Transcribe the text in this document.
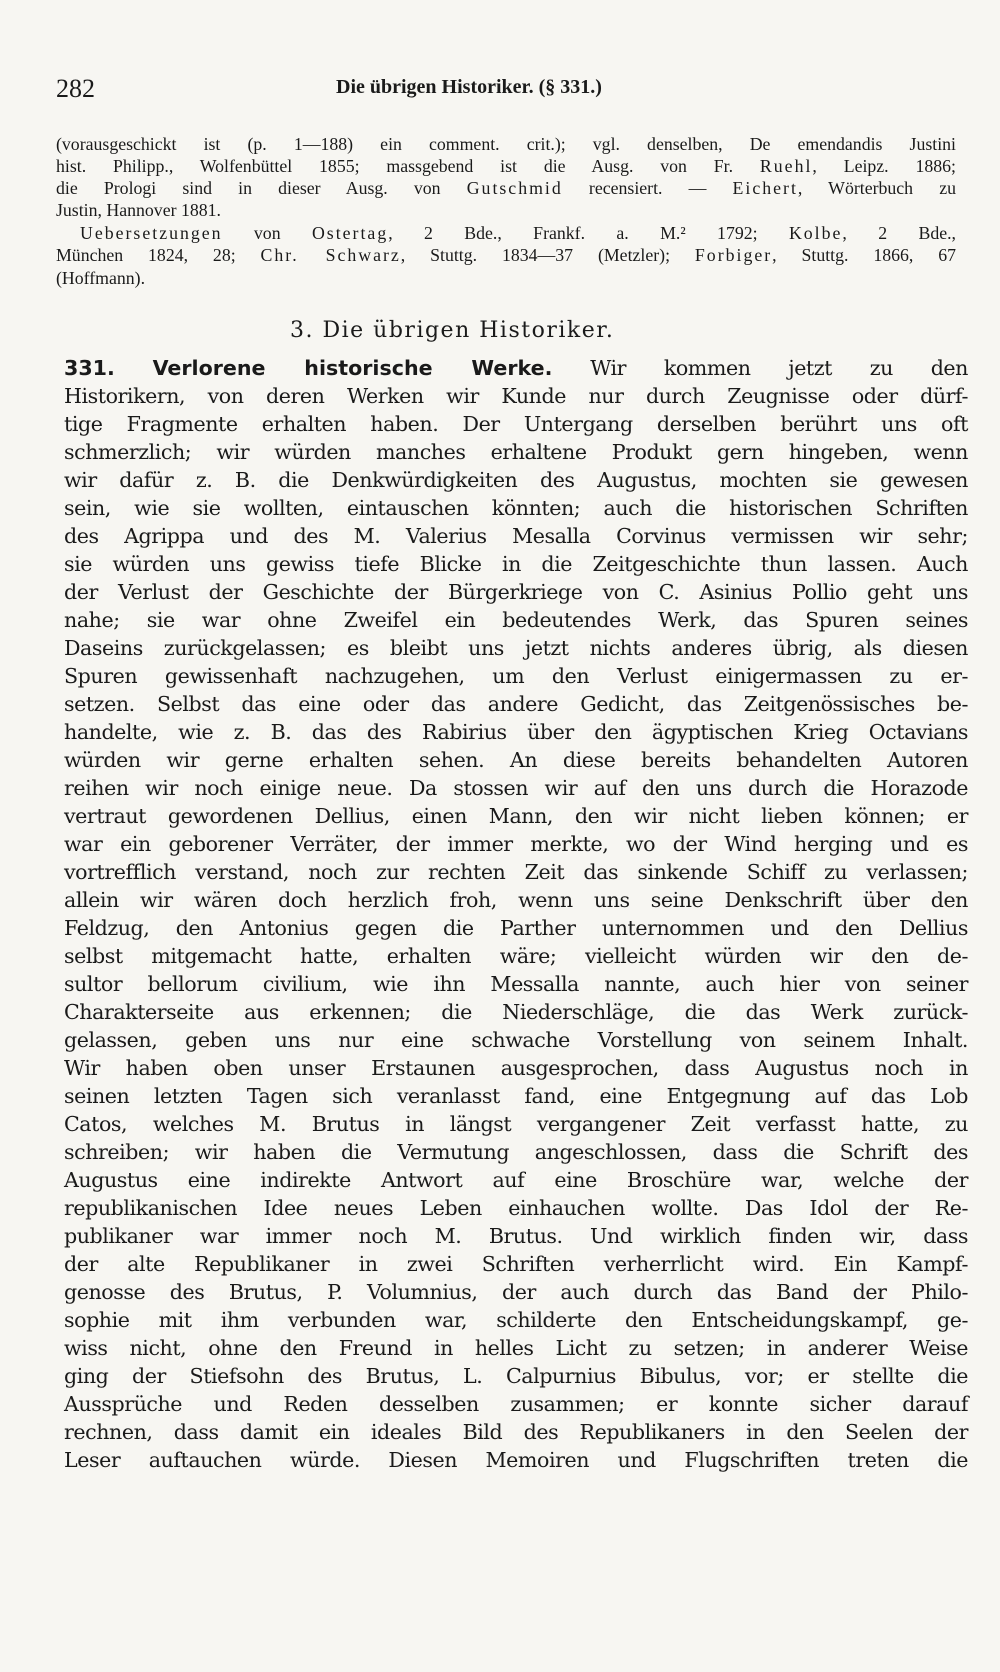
282	Die übrigen Historiker. (§ 331.)
(vorausgeschickt ist (p. 1—188) ein comment. crit.); vgl. denselben, De emendandis Justini
hist. Philipp., Wolfenbüttel 1855; massgebend ist die Ausg. von Fr. Ruehl, Leipz. 1886;
die Prologi sind in dieser Ausg. von Gutschmid recensiert. — Eichert, Wörterbuch zu
Justin, Hannover 1881.
Uebersetzungen von Ostertag, 2 Bde., Frankf. a. M.² 1792; Kolbe, 2 Bde.,
München 1824, 28; Chr. Schwarz, Stuttg. 1834—37 (Metzler); Forbiger, Stuttg. 1866, 67
(Hoffmann).
3. Die übrigen Historiker.
331. Verlorene historische Werke. Wir kommen jetzt zu den
Historikern, von deren Werken wir Kunde nur durch Zeugnisse oder dürf-
tige Fragmente erhalten haben. Der Untergang derselben berührt uns oft
schmerzlich; wir würden manches erhaltene Produkt gern hingeben, wenn
wir dafür z. B. die Denkwürdigkeiten des Augustus, mochten sie gewesen
sein, wie sie wollten, eintauschen könnten; auch die historischen Schriften
des Agrippa und des M. Valerius Mesalla Corvinus vermissen wir sehr;
sie würden uns gewiss tiefe Blicke in die Zeitgeschichte thun lassen. Auch
der Verlust der Geschichte der Bürgerkriege von C. Asinius Pollio geht uns
nahe; sie war ohne Zweifel ein bedeutendes Werk, das Spuren seines
Daseins zurückgelassen; es bleibt uns jetzt nichts anderes übrig, als diesen
Spuren gewissenhaft nachzugehen, um den Verlust einigermassen zu er-
setzen. Selbst das eine oder das andere Gedicht, das Zeitgenössisches be-
handelte, wie z. B. das des Rabirius über den ägyptischen Krieg Octavians
würden wir gerne erhalten sehen. An diese bereits behandelten Autoren
reihen wir noch einige neue. Da stossen wir auf den uns durch die Horazode
vertraut gewordenen Dellius, einen Mann, den wir nicht lieben können; er
war ein geborener Verräter, der immer merkte, wo der Wind herging und es
vortrefflich verstand, noch zur rechten Zeit das sinkende Schiff zu verlassen;
allein wir wären doch herzlich froh, wenn uns seine Denkschrift über den
Feldzug, den Antonius gegen die Parther unternommen und den Dellius
selbst mitgemacht hatte, erhalten wäre; vielleicht würden wir den de-
sultor bellorum civilium, wie ihn Messalla nannte, auch hier von seiner
Charakterseite aus erkennen; die Niederschläge, die das Werk zurück-
gelassen, geben uns nur eine schwache Vorstellung von seinem Inhalt.
Wir haben oben unser Erstaunen ausgesprochen, dass Augustus noch in
seinen letzten Tagen sich veranlasst fand, eine Entgegnung auf das Lob
Catos, welches M. Brutus in längst vergangener Zeit verfasst hatte, zu
schreiben; wir haben die Vermutung angeschlossen, dass die Schrift des
Augustus eine indirekte Antwort auf eine Broschüre war, welche der
republikanischen Idee neues Leben einhauchen wollte. Das Idol der Re-
publikaner war immer noch M. Brutus. Und wirklich finden wir, dass
der alte Republikaner in zwei Schriften verherrlicht wird. Ein Kampf-
genosse des Brutus, P. Volumnius, der auch durch das Band der Philo-
sophie mit ihm verbunden war, schilderte den Entscheidungskampf, ge-
wiss nicht, ohne den Freund in helles Licht zu setzen; in anderer Weise
ging der Stiefsohn des Brutus, L. Calpurnius Bibulus, vor; er stellte die
Aussprüche und Reden desselben zusammen; er konnte sicher darauf
rechnen, dass damit ein ideales Bild des Republikaners in den Seelen der
Leser auftauchen würde. Diesen Memoiren und Flugschriften treten die
